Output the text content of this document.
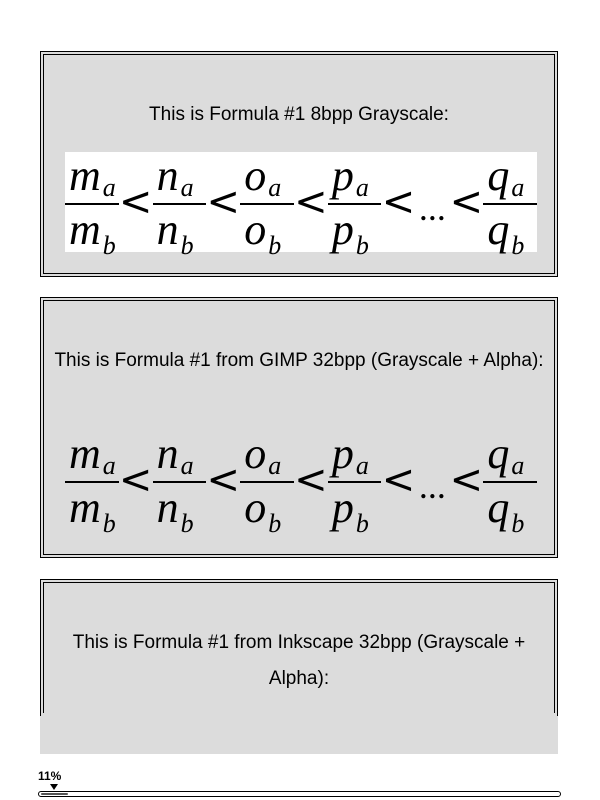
This is Formula #1 8bpp Grayscale:
$\frac{ma}{mb} < \frac{na}{nb} < \frac{oa}{ob} < \frac{pa}{pb}$ < ... < $\frac{qa}{qb}$
This is Formula #1 from GIMP 32bpp (Grayscale + Alpha):
$\frac{ma}{mb} < \frac{na}{nb} < \frac{oa}{ob} < \frac{pa}{pb}$ < ... < $\frac{qa}{qb}$
This is Formula #1 from Inkscape 32bpp (Grayscale + Alpha):
11%
